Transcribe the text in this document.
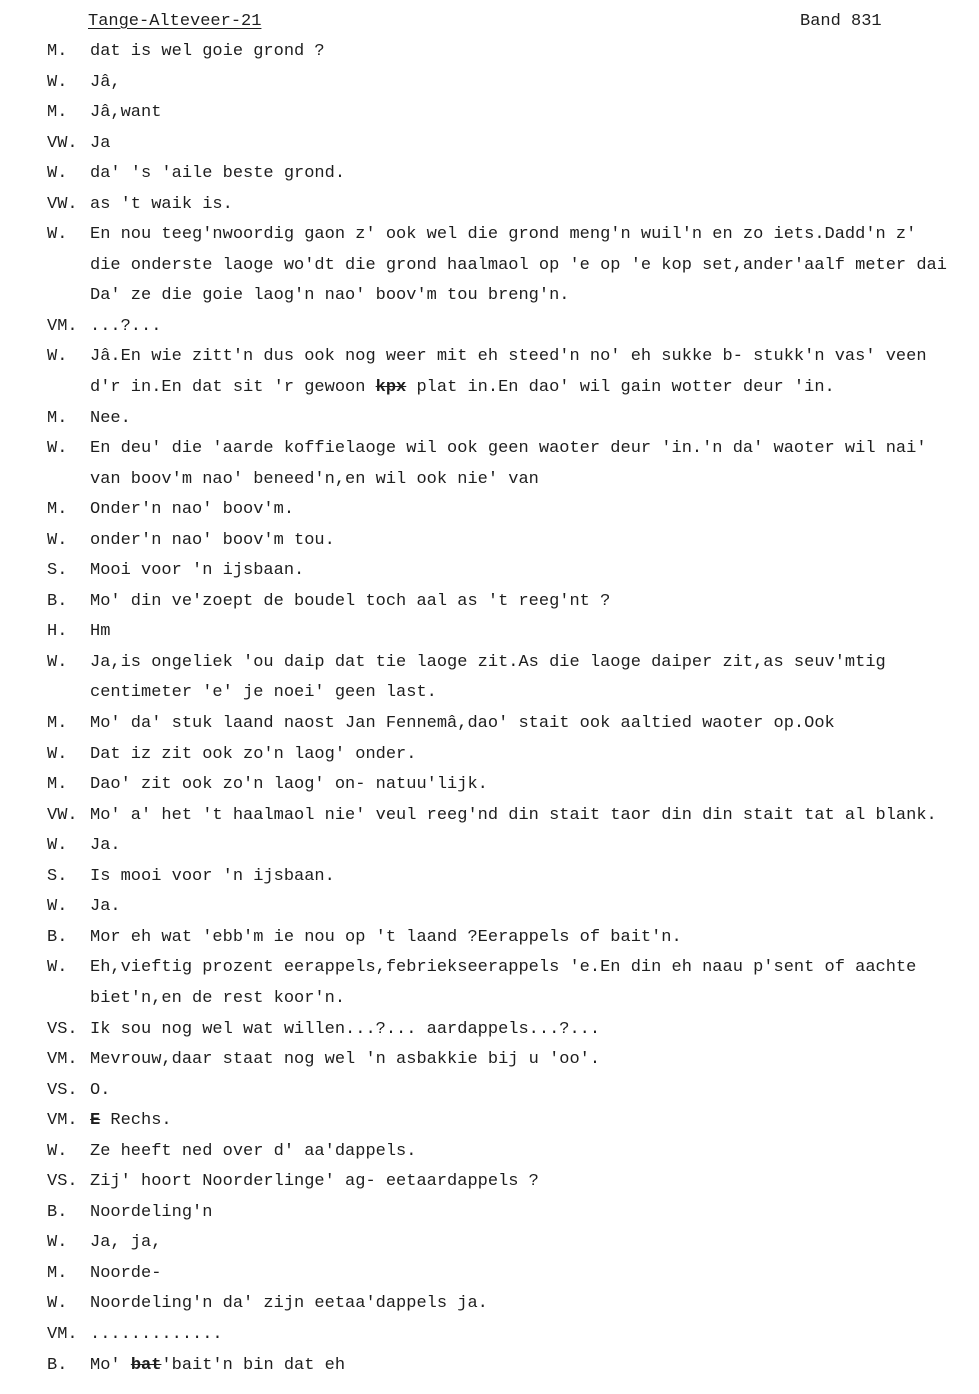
Tange-Alteveer-21	Band 831
M. dat is wel goie grond ?
W. Jâ,
M. Jâ,want
VW. Ja
W. da' 's 'aile beste grond.
VW. as 't waik is.
W. En nou teeg'nwoordig gaon z' ook wel die grond meng'n wuil'n en zo iets.Dadd'n z'
die onderste laoge wo'dt die grond haalmaol op 'e op 'e kop set,ander'aalf meter dai
Da' ze die goie laog'n nao' boov'm tou breng'n.
VM. ...?...
W. Jâ.En wie zitt'n dus ook nog weer mit eh steed'n no' eh sukke b- stukk'n vas' veen
d'r in.En dat sit 'r gewoon kpx plat in.En dao' wil gain wotter deur 'in.
M. Nee.
W. En deu' die 'aarde koffielaoge wil ook geen waoter deur 'in.'n da' waoter wil nai'
van boov'm nao' beneed'n,en wil ook nie' van
M. Onder'n nao' boov'm.
W. onder'n nao' boov'm tou.
S. Mooi voor 'n ijsbaan.
B. Mo' din ve'zoept de boudel toch aal as 't reeg'nt ?
H. Hm
W. Ja,is ongeliek 'ou daip dat tie laoge zit.As die laoge daiper zit,as seuv'mtig
centimeter 'e' je noei' geen last.
M. Mo' da' stuk laand naost Jan Fennemâ,dao' stait ook aaltied waoter op.Ook
W. Dat iz zit ook zo'n laog' onder.
M. Dao' zit ook zo'n laog' on- natuu'lijk.
VW. Mo' a' het 't haalmaol nie' veul reeg'nd din stait taor din din stait tat al blank.
W. Ja.
S. Is mooi voor 'n ijsbaan.
W. Ja.
B. Mor eh wat 'ebb'm ie nou op 't laand ?Eerappels of bait'n.
W. Eh,vieftig prozent eerappels,febriekseerappels 'e.En din eh naau p'sent of aachte
biet'n,en de rest koor'n.
VS. Ik sou nog wel wat willen...?... aardappels...?...
VM. Mevrouw,daar staat nog wel 'n asbakkie bij u 'oo'.
VS. O.
VM. E Rechs.
W. Ze heeft ned over d' aa'dappels.
VS. Zij' hoort Noorderlinge' ag- eetaardappels ?
B. Noordeling'n
W. Ja, ja,
M. Noorde-
W. Noordeling'n da' zijn eetaa'dappels ja.
VM. .............
B. Mo' bat'bait'n bin dat eh
